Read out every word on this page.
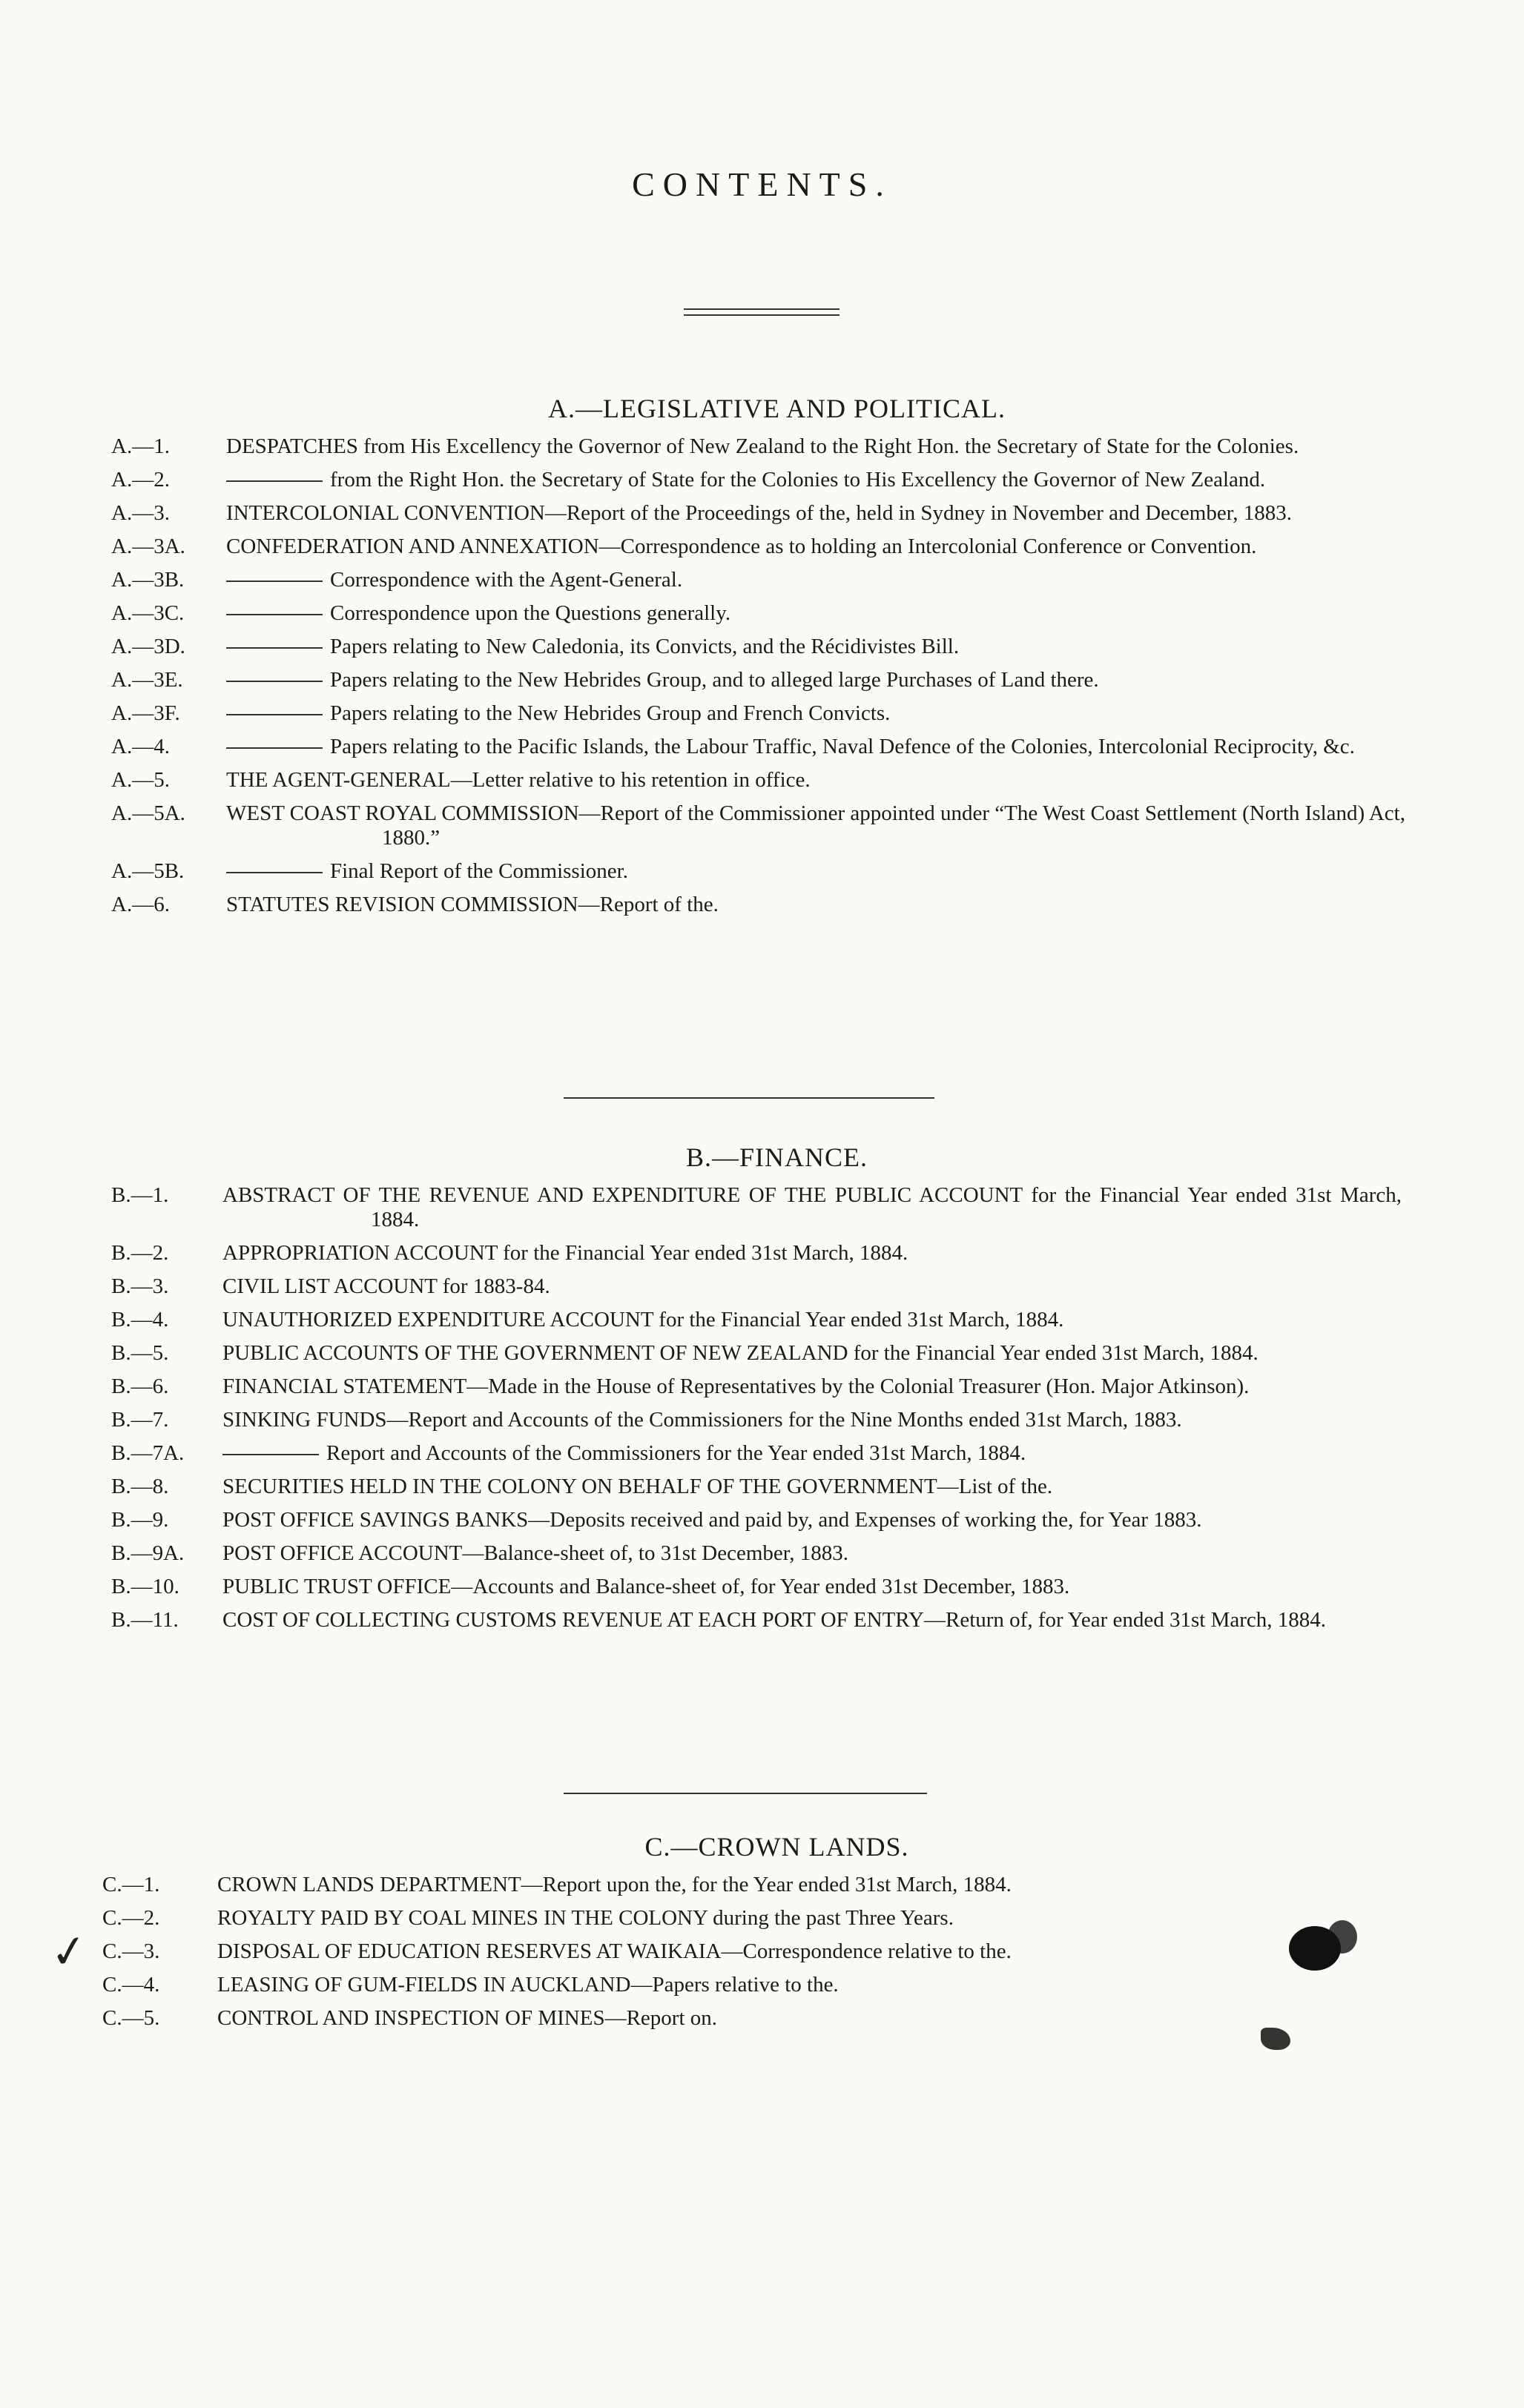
CONTENTS.
A.—LEGISLATIVE AND POLITICAL.
A.—1.	DESPATCHES from His Excellency the Governor of New Zealand to the Right Hon. the Secretary of State for the Colonies.
A.—2.	from the Right Hon. the Secretary of State for the Colonies to His Excellency the Governor of New Zealand.
A.—3.	INTERCOLONIAL CONVENTION—Report of the Proceedings of the, held in Sydney in November and December, 1883.
A.—3A. CONFEDERATION AND ANNEXATION—Correspondence as to holding an Intercolonial Conference or Convention.
A.—3B.	Correspondence with the Agent-General.
A.—3C.	Correspondence upon the Questions generally.
A.—3D.	Papers relating to New Caledonia, its Convicts, and the Récidivistes Bill.
A.—3E.	Papers relating to the New Hebrides Group, and to alleged large Purchases of Land there.
A.—3F.	Papers relating to the New Hebrides Group and French Convicts.
A.—4.	Papers relating to the Pacific Islands, the Labour Traffic, Naval Defence of the Colonies, Intercolonial Reciprocity, &c.
A.—5.	THE AGENT-GENERAL—Letter relative to his retention in office.
A.—5A. WEST COAST ROYAL COMMISSION—Report of the Commissioner appointed under “The West Coast Settlement (North Island) Act, 1880.”
A.—5B.	Final Report of the Commissioner.
A.—6.	STATUTES REVISION COMMISSION—Report of the.
B.—FINANCE.
B.—1.	ABSTRACT OF THE REVENUE AND EXPENDITURE OF THE PUBLIC ACCOUNT for the Financial Year ended 31st March, 1884.
B.—2.	APPROPRIATION ACCOUNT for the Financial Year ended 31st March, 1884.
B.—3.	CIVIL LIST ACCOUNT for 1883-84.
B.—4.	UNAUTHORIZED EXPENDITURE ACCOUNT for the Financial Year ended 31st March, 1884.
B.—5.	PUBLIC ACCOUNTS OF THE GOVERNMENT OF NEW ZEALAND for the Financial Year ended 31st March, 1884.
B.—6.	FINANCIAL STATEMENT—Made in the House of Representatives by the Colonial Treasurer (Hon. Major Atkinson).
B.—7.	SINKING FUNDS—Report and Accounts of the Commissioners for the Nine Months ended 31st March, 1883.
B.—7A.	Report and Accounts of the Commissioners for the Year ended 31st March, 1884.
B.—8.	SECURITIES HELD IN THE COLONY ON BEHALF OF THE GOVERNMENT—List of the.
B.—9.	POST OFFICE SAVINGS BANKS—Deposits received and paid by, and Expenses of working the, for Year 1883.
B.—9A. POST OFFICE ACCOUNT—Balance-sheet of, to 31st December, 1883.
B.—10. PUBLIC TRUST OFFICE—Accounts and Balance-sheet of, for Year ended 31st December, 1883.
B.—11. COST OF COLLECTING CUSTOMS REVENUE AT EACH PORT OF ENTRY—Return of, for Year ended 31st March, 1884.
C.—CROWN LANDS.
C.—1.	CROWN LANDS DEPARTMENT—Report upon the, for the Year ended 31st March, 1884.
C.—2.	ROYALTY PAID BY COAL MINES IN THE COLONY during the past Three Years.
C.—3.	DISPOSAL OF EDUCATION RESERVES AT WAIKAIA—Correspondence relative to the.
C.—4.	LEASING OF GUM-FIELDS IN AUCKLAND—Papers relative to the.
C.—5.	CONTROL AND INSPECTION OF MINES—Report on.
✓
